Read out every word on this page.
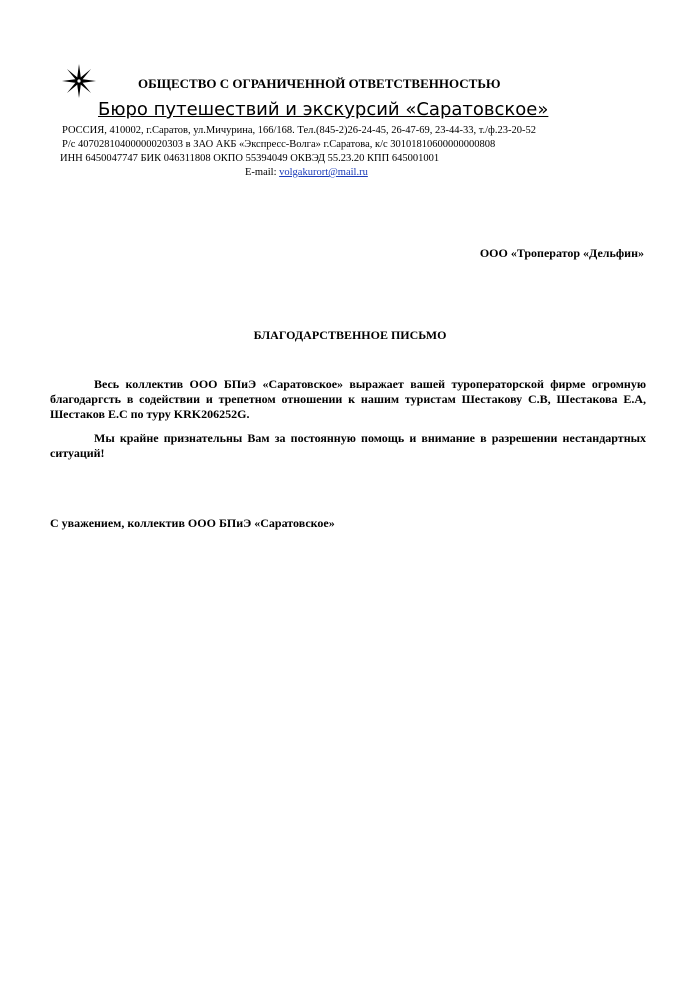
ОБЩЕСТВО С ОГРАНИЧЕННОЙ ОТВЕТСТВЕННОСТЬЮ
Бюро путешествий и экскурсий «Саратовское»
РОССИЯ, 410002, г.Саратов, ул.Мичурина, 166/168. Тел.(845-2)26-24-45, 26-47-69, 23-44-33, т./ф.23-20-52
Р/с 40702810400000020303 в ЗАО АКБ «Экспресс-Волга» г.Саратова, к/с 30101810600000000808
ИНН 6450047747 БИК 046311808 ОКПО 55394049 ОКВЭД 55.23.20 КПП 645001001
E-mail: volgakurort@mail.ru
ООО «Троператор «Дельфин»
БЛАГОДАРСТВЕННОЕ ПИСЬМО
Весь коллектив ООО БПиЭ «Саратовское» выражает вашей туроператорской фирме огромную благодаргсть в содействии и трепетном отношении к нашим туристам Шестакову С.В, Шестакова Е.А, Шестаков Е.С по туру KRK206252G.
Мы крайне признательны Вам за постоянную помощь и внимание в разрешении нестандартных ситуаций!
С уважением, коллектив ООО БПиЭ «Саратовское»
